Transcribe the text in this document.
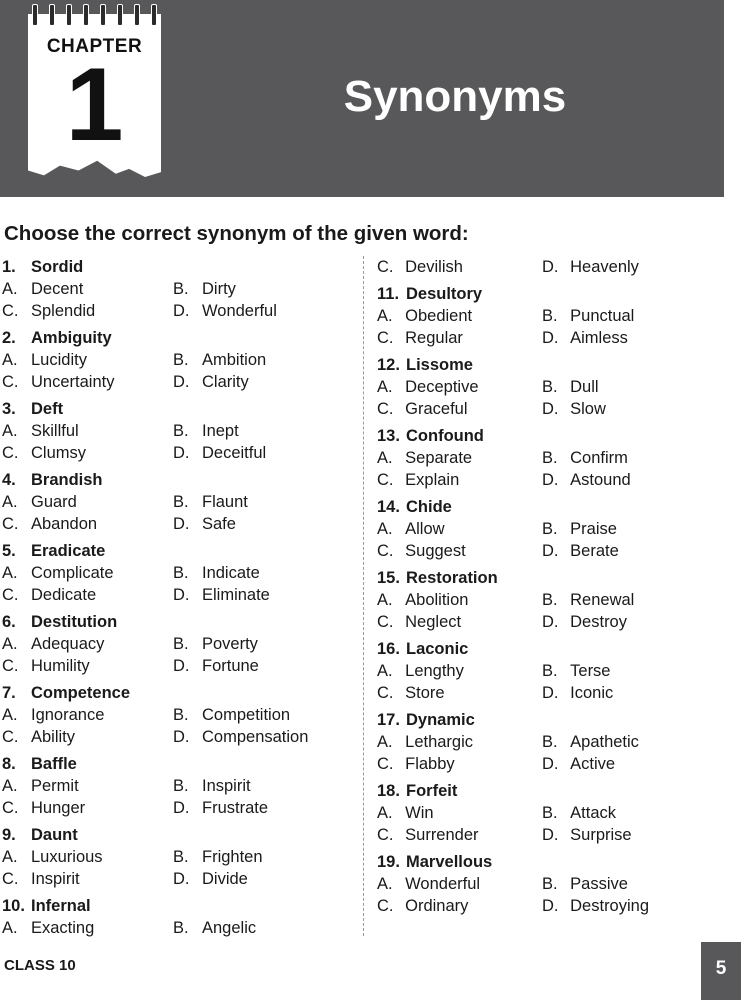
CHAPTER
1	Synonyms
Choose the correct synonym of the given word:
1. Sordid
A. Decent	B. Dirty
C. Splendid	D. Wonderful
2. Ambiguity
A. Lucidity	B. Ambition
C. Uncertainty	D. Clarity
3. Deft
A. Skillful	B. Inept
C. Clumsy	D. Deceitful
4. Brandish
A. Guard	B. Flaunt
C. Abandon	D. Safe
5. Eradicate
A. Complicate	B. Indicate
C. Dedicate	D. Eliminate
6. Destitution
A. Adequacy	B. Poverty
C. Humility	D. Fortune
7. Competence
A. Ignorance	B. Competition
C. Ability	D. Compensation
8. Baffle
A. Permit	B. Inspirit
C. Hunger	D. Frustrate
9. Daunt
A. Luxurious	B. Frighten
C. Inspirit	D. Divide
10. Infernal
A. Exacting	B. Angelic
C. Devilish	D. Heavenly
11. Desultory
A. Obedient	B. Punctual
C. Regular	D. Aimless
12. Lissome
A. Deceptive	B. Dull
C. Graceful	D. Slow
13. Confound
A. Separate	B. Confirm
C. Explain	D. Astound
14. Chide
A. Allow	B. Praise
C. Suggest	D. Berate
15. Restoration
A. Abolition	B. Renewal
C. Neglect	D. Destroy
16. Laconic
A. Lengthy	B. Terse
C. Store	D. Iconic
17. Dynamic
A. Lethargic	B. Apathetic
C. Flabby	D. Active
18. Forfeit
A. Win	B. Attack
C. Surrender	D. Surprise
19. Marvellous
A. Wonderful	B. Passive
C. Ordinary	D. Destroying
CLASS 10	5
